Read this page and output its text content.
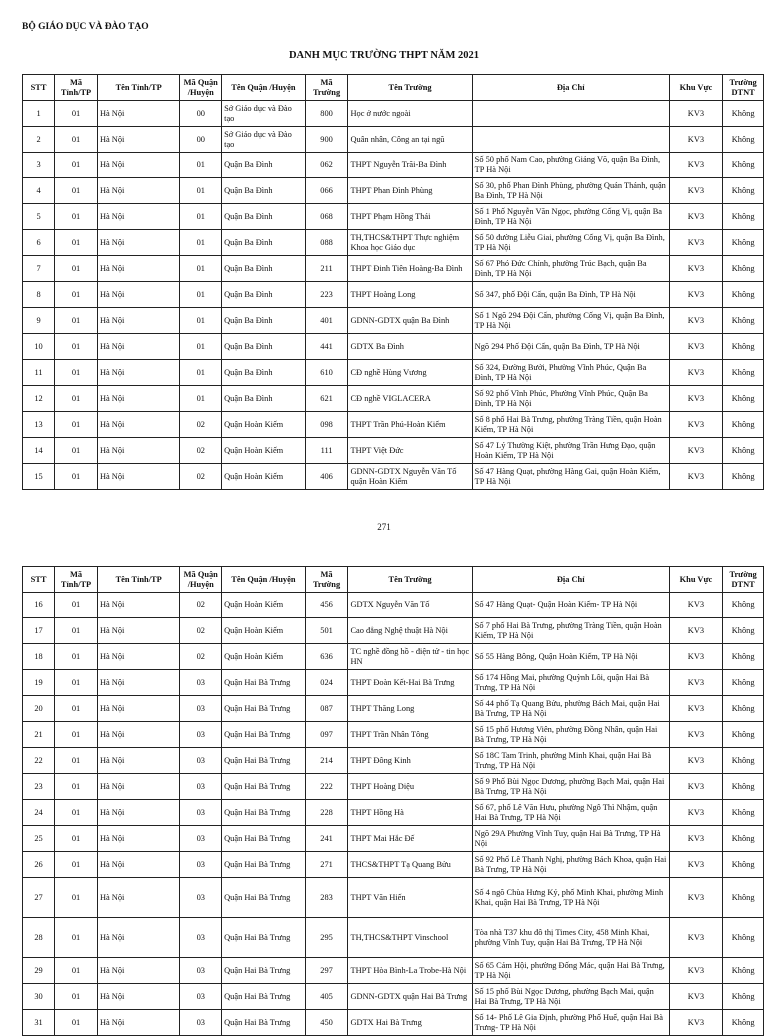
BỘ GIÁO DỤC VÀ ĐÀO TẠO
DANH MỤC TRƯỜNG THPT NĂM 2021
STT	Mã Tỉnh/TP	Tên Tỉnh/TP	Mã Quận /Huyện	Tên Quận /Huyện	Mã Trường	Tên Trường	Địa Chỉ	Khu Vực	Trường DTNT
1	01	Hà Nội	00	Sở Giáo dục và Đào tạo	800	Học ở nước ngoài		KV3	Không
2	01	Hà Nội	00	Sở Giáo dục và Đào tạo	900	Quân nhân, Công an tại ngũ		KV3	Không
3	01	Hà Nội	01	Quận Ba Đình	062	THPT Nguyễn Trãi-Ba Đình	Số 50 phố Nam Cao, phường Giảng Võ, quận Ba Đình, TP Hà Nội	KV3	Không
4	01	Hà Nội	01	Quận Ba Đình	066	THPT Phan Đình Phùng	Số 30, phố Phan Đình Phùng, phường Quán Thánh, quận Ba Đình, TP Hà Nội	KV3	Không
5	01	Hà Nội	01	Quận Ba Đình	068	THPT Phạm Hồng Thái	Số 1 Phố Nguyễn Văn Ngọc, phường Cống Vị, quận Ba Đình, TP Hà Nội	KV3	Không
6	01	Hà Nội	01	Quận Ba Đình	088	TH,THCS&THPT Thực nghiệm Khoa học Giáo dục	Số 50 đường Liễu Giai, phường Cống Vị, quận Ba Đình, TP Hà Nội	KV3	Không
7	01	Hà Nội	01	Quận Ba Đình	211	THPT Đinh Tiên Hoàng-Ba Đình	Số 67 Phó Đức Chính, phường Trúc Bạch, quận Ba Đình, TP Hà Nội	KV3	Không
8	01	Hà Nội	01	Quận Ba Đình	223	THPT Hoàng Long	Số 347, phố Đội Cấn, quận Ba Đình, TP Hà Nội	KV3	Không
9	01	Hà Nội	01	Quận Ba Đình	401	GDNN-GDTX quận Ba Đình	Số 1 Ngõ 294 Đội Cấn, phường Cống Vị, quận Ba Đình, TP Hà Nội	KV3	Không
10	01	Hà Nội	01	Quận Ba Đình	441	GDTX Ba Đình	Ngõ 294 Phố Đội Cấn, quận Ba Đình, TP Hà Nội	KV3	Không
11	01	Hà Nội	01	Quận Ba Đình	610	CĐ nghề Hùng Vương	Số 324, Đường Bưởi, Phường Vĩnh Phúc, Quận Ba Đình, TP Hà Nội	KV3	Không
12	01	Hà Nội	01	Quận Ba Đình	621	CĐ nghề VIGLACERA	Số 92 phố Vĩnh Phúc, Phường Vĩnh Phúc, Quận Ba Đình, TP Hà Nội	KV3	Không
13	01	Hà Nội	02	Quận Hoàn Kiếm	098	THPT Trần Phú-Hoàn Kiếm	Số 8 phố Hai Bà Trưng, phường Tràng Tiền, quận Hoàn Kiếm, TP Hà Nội	KV3	Không
14	01	Hà Nội	02	Quận Hoàn Kiếm	111	THPT Việt Đức	Số 47 Lý Thường Kiệt, phường Trần Hưng Đạo, quận Hoàn Kiếm, TP Hà Nội	KV3	Không
15	01	Hà Nội	02	Quận Hoàn Kiếm	406	GDNN-GDTX Nguyễn Văn Tố quận Hoàn Kiếm	Số 47 Hàng Quạt, phường Hàng Gai, quận Hoàn Kiếm, TP Hà Nội	KV3	Không
271
STT	Mã Tỉnh/TP	Tên Tỉnh/TP	Mã Quận /Huyện	Tên Quận /Huyện	Mã Trường	Tên Trường	Địa Chỉ	Khu Vực	Trường DTNT
16	01	Hà Nội	02	Quận Hoàn Kiếm	456	GDTX Nguyễn Văn Tố	Số 47 Hàng Quạt- Quận Hoàn Kiếm- TP Hà Nội	KV3	Không
17	01	Hà Nội	02	Quận Hoàn Kiếm	501	Cao đẳng Nghệ thuật Hà Nội	Số 7 phố Hai Bà Trưng, phường Tràng Tiền, quận Hoàn Kiếm, TP Hà Nội	KV3	Không
18	01	Hà Nội	02	Quận Hoàn Kiếm	636	TC nghề đồng hồ - điện tử - tin học HN	Số 55 Hàng Bông, Quận Hoàn Kiếm, TP Hà Nội	KV3	Không
19	01	Hà Nội	03	Quận Hai Bà Trưng	024	THPT Đoàn Kết-Hai Bà Trưng	Số 174 Hồng Mai, phường Quỳnh Lôi, quận Hai Bà Trưng, TP Hà Nội	KV3	Không
20	01	Hà Nội	03	Quận Hai Bà Trưng	087	THPT Thăng Long	Số 44 phố Tạ Quang Bửu, phường Bách Mai, quận Hai Bà Trưng, TP Hà Nội	KV3	Không
21	01	Hà Nội	03	Quận Hai Bà Trưng	097	THPT Trần Nhân Tông	Số 15 phố Hương Viên, phường Đồng Nhân, quận Hai Bà Trưng, TP Hà Nội	KV3	Không
22	01	Hà Nội	03	Quận Hai Bà Trưng	214	THPT Đông Kinh	Số 18C Tam Trinh, phường Minh Khai, quận Hai Bà Trưng, TP Hà Nội	KV3	Không
23	01	Hà Nội	03	Quận Hai Bà Trưng	222	THPT Hoàng Diệu	Số 9 Phố Bùi Ngọc Dương, phường Bạch Mai, quận Hai Bà Trưng, TP Hà Nội	KV3	Không
24	01	Hà Nội	03	Quận Hai Bà Trưng	228	THPT Hồng Hà	Số 67, phố Lê Văn Hưu, phường Ngô Thì Nhậm, quận Hai Bà Trưng, TP Hà Nội	KV3	Không
25	01	Hà Nội	03	Quận Hai Bà Trưng	241	THPT Mai Hắc Đế	Ngõ 29A Phường Vĩnh Tuy, quận Hai Bà Trưng, TP Hà Nội	KV3	Không
26	01	Hà Nội	03	Quận Hai Bà Trưng	271	THCS&THPT Tạ Quang Bửu	Số 92 Phố Lê Thanh Nghị, phường Bách Khoa, quận Hai Bà Trưng, TP Hà Nội	KV3	Không
27	01	Hà Nội	03	Quận Hai Bà Trưng	283	THPT Văn Hiến	Số 4 ngõ Chùa Hưng Ký, phố Minh Khai, phường Minh Khai, quận Hai Bà Trưng, TP Hà Nội	KV3	Không
28	01	Hà Nội	03	Quận Hai Bà Trưng	295	TH,THCS&THPT Vinschool	Tòa nhà T37 khu đô thị Times City, 458 Minh Khai, phường Vĩnh Tuy, quận Hai Bà Trưng, TP Hà Nội	KV3	Không
29	01	Hà Nội	03	Quận Hai Bà Trưng	297	THPT Hòa Bình-La Trobe-Hà Nội	Số 65 Cảm Hội, phường Đống Mác, quận Hai Bà Trưng, TP Hà Nội	KV3	Không
30	01	Hà Nội	03	Quận Hai Bà Trưng	405	GDNN-GDTX quận Hai Bà Trưng	Số 15 phố Bùi Ngọc Dương, phường Bạch Mai, quận Hai Bà Trưng, TP Hà Nội	KV3	Không
31	01	Hà Nội	03	Quận Hai Bà Trưng	450	GDTX Hai Bà Trưng	Số 14- Phố Lê Gia Định, phường Phố Huế, quận Hai Bà Trưng- TP Hà Nội	KV3	Không
